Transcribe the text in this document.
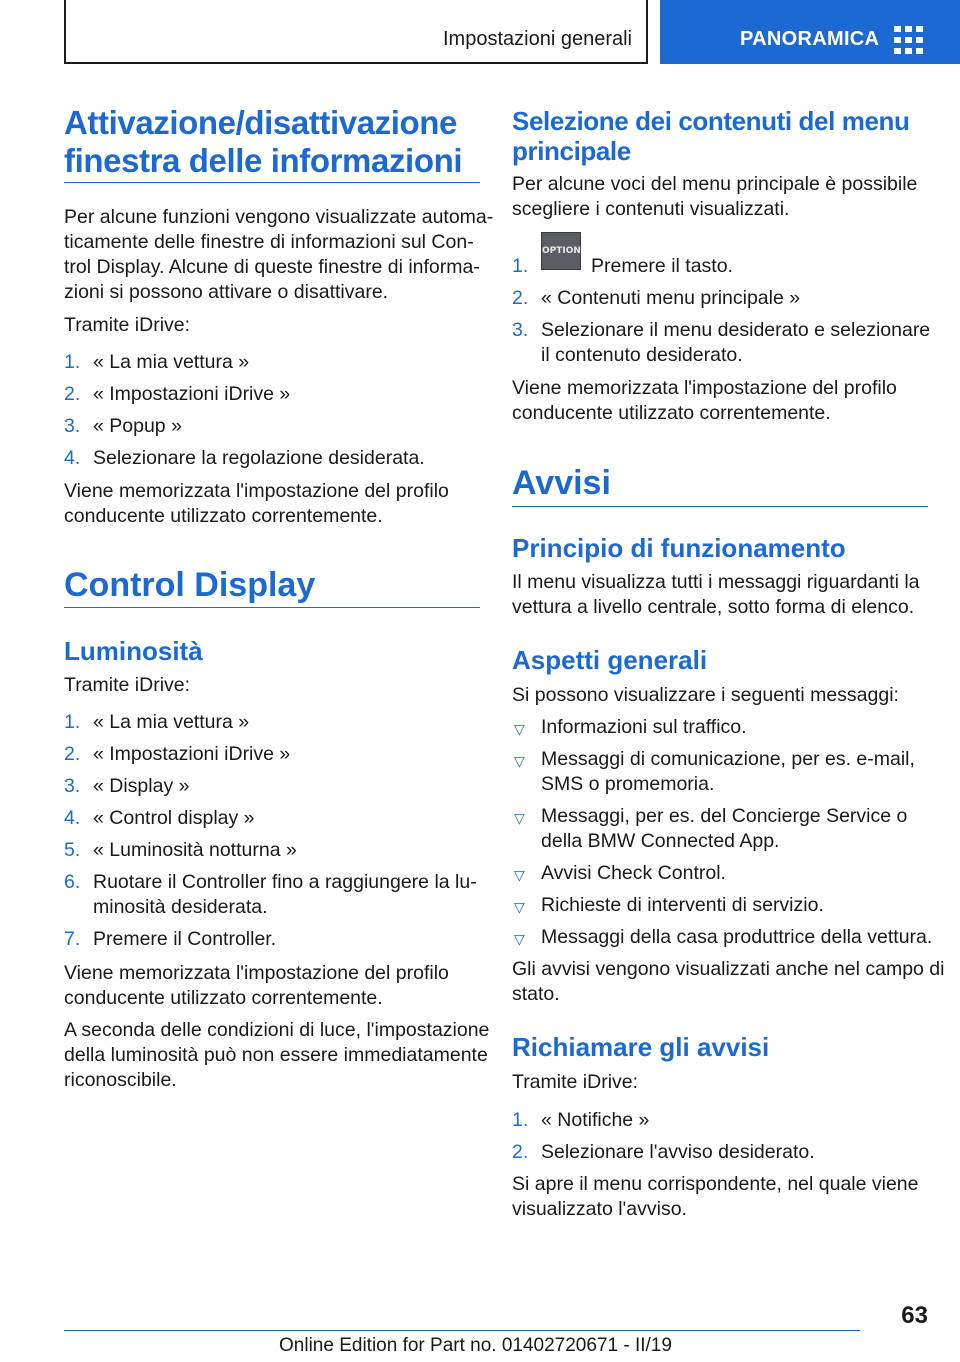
Impostazioni generali	PANORAMICA
Attivazione/disattivazione
finestra delle informazioni
Per alcune funzioni vengono visualizzate automa‐
ticamente delle finestre di informazioni sul Con‐
trol Display. Alcune di queste finestre di informa‐
zioni si possono attivare o disattivare.
Tramite iDrive:
1. « La mia vettura »
2. « Impostazioni iDrive »
3. « Popup »
4. Selezionare la regolazione desiderata.
Viene memorizzata l'impostazione del profilo
conducente utilizzato correntemente.
Control Display
Luminosità
Tramite iDrive:
1. « La mia vettura »
2. « Impostazioni iDrive »
3. « Display »
4. « Control display »
5. « Luminosità notturna »
6. Ruotare il Controller fino a raggiungere la lu‐
minosità desiderata.
7. Premere il Controller.
Viene memorizzata l'impostazione del profilo
conducente utilizzato correntemente.
A seconda delle condizioni di luce, l'impostazione
della luminosità può non essere immediatamente
riconoscibile.
Selezione dei contenuti del menu
principale
Per alcune voci del menu principale è possibile
scegliere i contenuti visualizzati.
1.
OPTION
Premere il tasto.
2. « Contenuti menu principale »
3. Selezionare il menu desiderato e selezionare
il contenuto desiderato.
Viene memorizzata l'impostazione del profilo
conducente utilizzato correntemente.
Avvisi
Principio di funzionamento
Il menu visualizza tutti i messaggi riguardanti la
vettura a livello centrale, sotto forma di elenco.
Aspetti generali
Si possono visualizzare i seguenti messaggi:
▽ Informazioni sul traffico.
▽ Messaggi di comunicazione, per es. e-mail,
SMS o promemoria.
▽ Messaggi, per es. del Concierge Service o
della BMW Connected App.
▽ Avvisi Check Control.
▽ Richieste di interventi di servizio.
▽ Messaggi della casa produttrice della vettura.
Gli avvisi vengono visualizzati anche nel campo di
stato.
Richiamare gli avvisi
Tramite iDrive:
1. « Notifiche »
2. Selezionare l'avviso desiderato.
Si apre il menu corrispondente, nel quale viene
visualizzato l'avviso.
63
Online Edition for Part no. 01402720671 - II/19
